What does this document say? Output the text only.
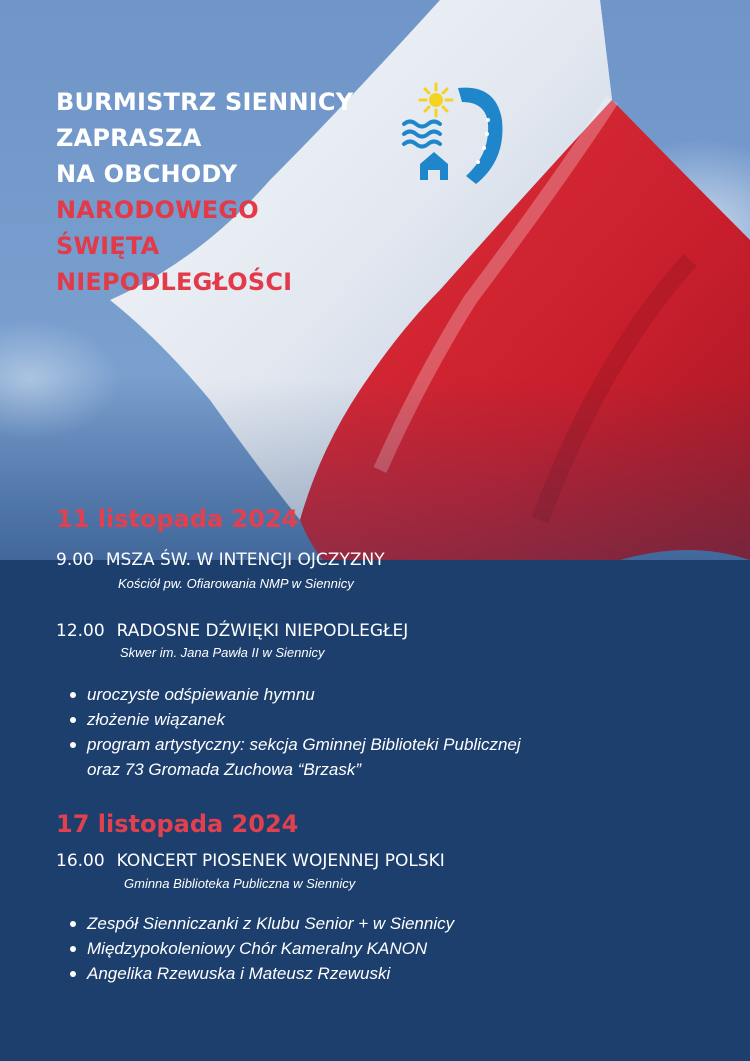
BURMISTRZ SIENNICY
ZAPRASZA
NA OBCHODY
NARODOWEGO
ŚWIĘTA
NIEPODLEGŁOŚCI
11 listopada 2024
9.00 MSZA ŚW. W INTENCJI OJCZYZNY
Kościół pw. Ofiarowania NMP w Siennicy
12.00 RADOSNE DŹWIĘKI NIEPODLEGŁEJ
Skwer im. Jana Pawła II w Siennicy
uroczyste odśpiewanie hymnu
złożenie wiązanek
program artystyczny: sekcja Gminnej Biblioteki Publicznej
oraz 73 Gromada Zuchowa “Brzask”
17 listopada 2024
16.00 KONCERT PIOSENEK WOJENNEJ POLSKI
Gminna Biblioteka Publiczna w Siennicy
Zespół Sienniczanki z Klubu Senior + w Siennicy
Międzypokoleniowy Chór Kameralny KANON
Angelika Rzewuska i Mateusz Rzewuski
